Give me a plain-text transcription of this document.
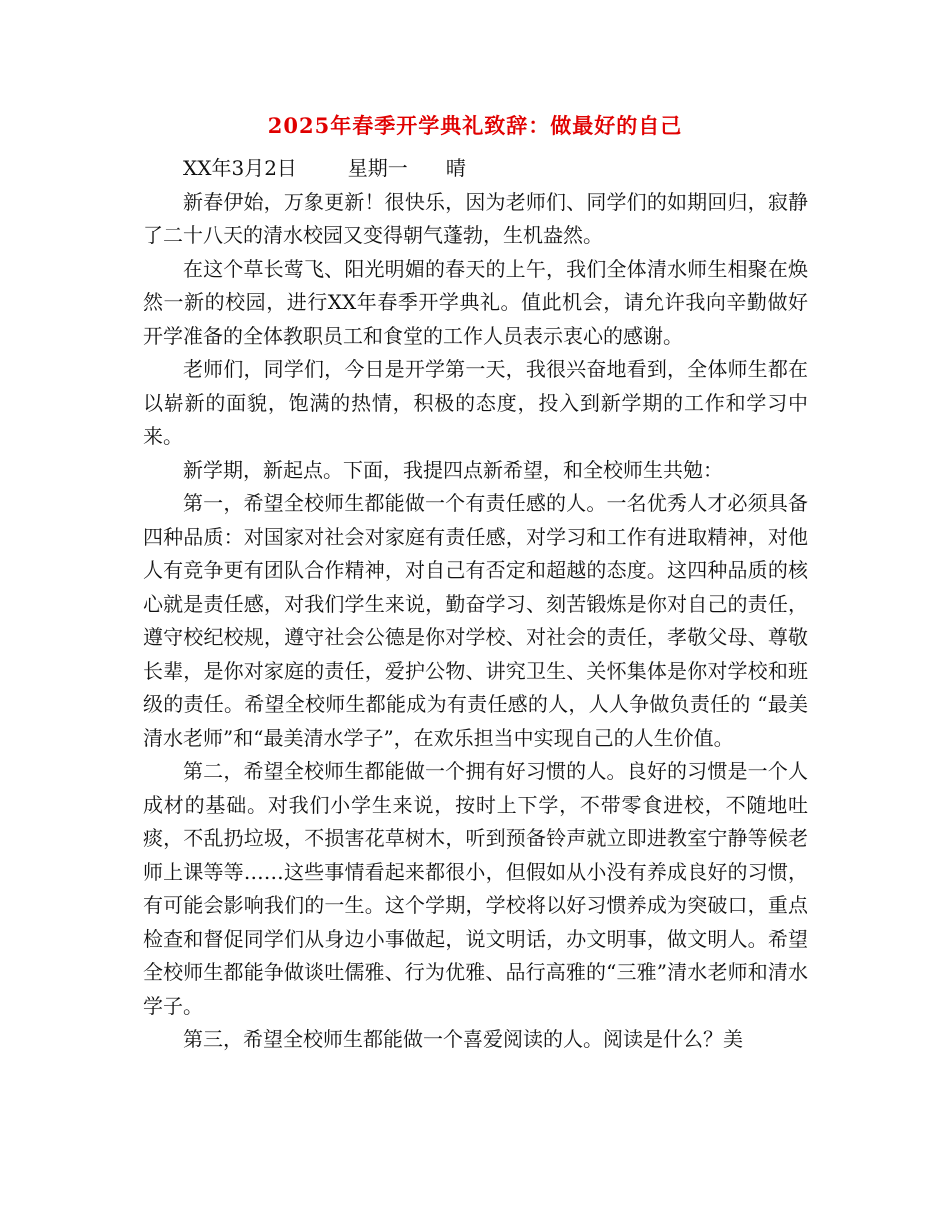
2025年春季开学典礼致辞：做最好的自己

XX年3月2日        星期一      晴

新春伊始，万象更新！很快乐，因为老师们、同学们的如期回归，寂静了二十八天的清水校园又变得朝气蓬勃，生机盎然。

在这个草长莺飞、阳光明媚的春天的上午，我们全体清水师生相聚在焕然一新的校园，进行XX年春季开学典礼。值此机会，请允许我向辛勤做好开学准备的全体教职员工和食堂的工作人员表示衷心的感谢。

老师们，同学们，今日是开学第一天，我很兴奋地看到，全体师生都在以崭新的面貌，饱满的热情，积极的态度，投入到新学期的工作和学习中来。

新学期，新起点。下面，我提四点新希望，和全校师生共勉：

第一，希望全校师生都能做一个有责任感的人。一名优秀人才必须具备四种品质：对国家对社会对家庭有责任感，对学习和工作有进取精神，对他人有竞争更有团队合作精神，对自己有否定和超越的态度。这四种品质的核心就是责任感，对我们学生来说，勤奋学习、刻苦锻炼是你对自己的责任，遵守校纪校规，遵守社会公德是你对学校、对社会的责任，孝敬父母、尊敬长辈，是你对家庭的责任，爱护公物、讲究卫生、关怀集体是你对学校和班级的责任。希望全校师生都能成为有责任感的人，人人争做负责任的 “最美清水老师”和“最美清水学子”，在欢乐担当中实现自己的人生价值。

第二，希望全校师生都能做一个拥有好习惯的人。良好的习惯是一个人成材的基础。对我们小学生来说，按时上下学，不带零食进校，不随地吐痰，不乱扔垃圾，不损害花草树木，听到预备铃声就立即进教室宁静等候老师上课等等……这些事情看起来都很小，但假如从小没有养成良好的习惯，有可能会影响我们的一生。这个学期，学校将以好习惯养成为突破口，重点检查和督促同学们从身边小事做起，说文明话，办文明事，做文明人。希望全校师生都能争做谈吐儒雅、行为优雅、品行高雅的“三雅”清水老师和清水学子。

第三，希望全校师生都能做一个喜爱阅读的人。阅读是什么？美
